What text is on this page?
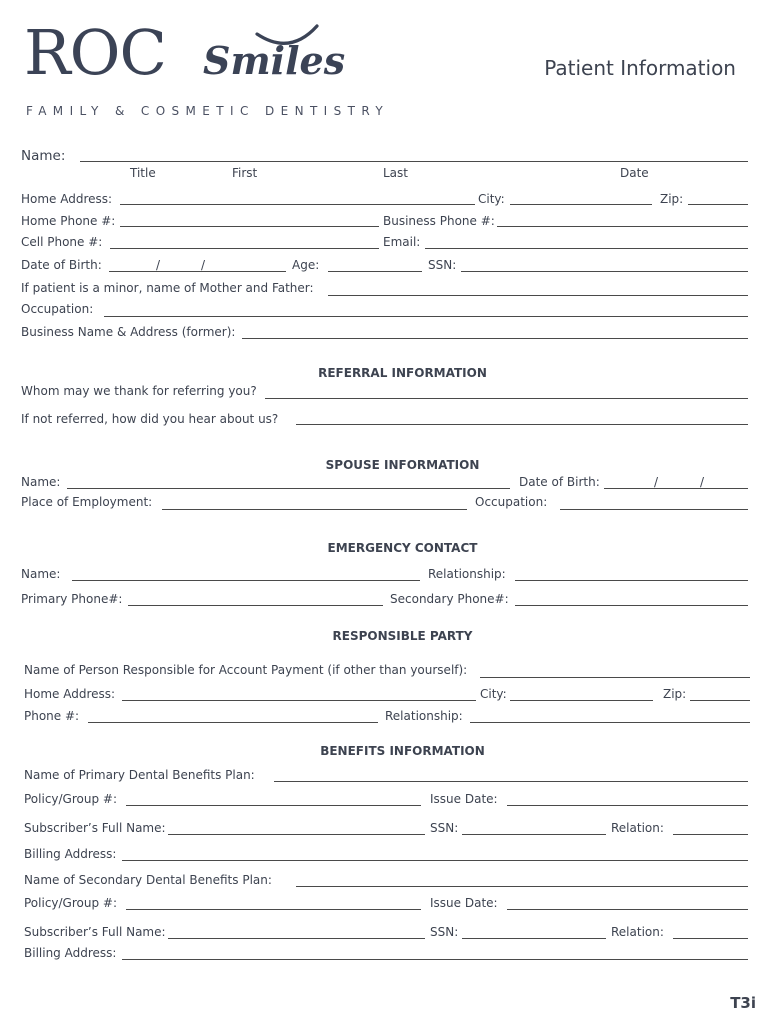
ROC Smiles
FAMILY & COSMETIC DENTISTRY
Patient Information
Name:
Title	First	Last	Date
Home Address:	City:	Zip:
Home Phone #:	Business Phone #:
Cell Phone #:	Email:
Date of Birth:	/	/	Age:	SSN:
If patient is a minor, name of Mother and Father:
Occupation:
Business Name & Address (former):
REFERRAL INFORMATION
Whom may we thank for referring you?
If not referred, how did you hear about us?
SPOUSE INFORMATION
Name:	Date of Birth:	/	/
Place of Employment:	Occupation:
EMERGENCY CONTACT
Name:	Relationship:
Primary Phone#:	Secondary Phone#:
RESPONSIBLE PARTY
Name of Person Responsible for Account Payment (if other than yourself):
Home Address:	City:	Zip:
Phone #:	Relationship:
BENEFITS INFORMATION
Name of Primary Dental Benefits Plan:
Policy/Group #:	Issue Date:
Subscriber’s Full Name:	SSN:	Relation:
Billing Address:
Name of Secondary Dental Benefits Plan:
Policy/Group #:	Issue Date:
Subscriber’s Full Name:	SSN:	Relation:
Billing Address:
T3i
